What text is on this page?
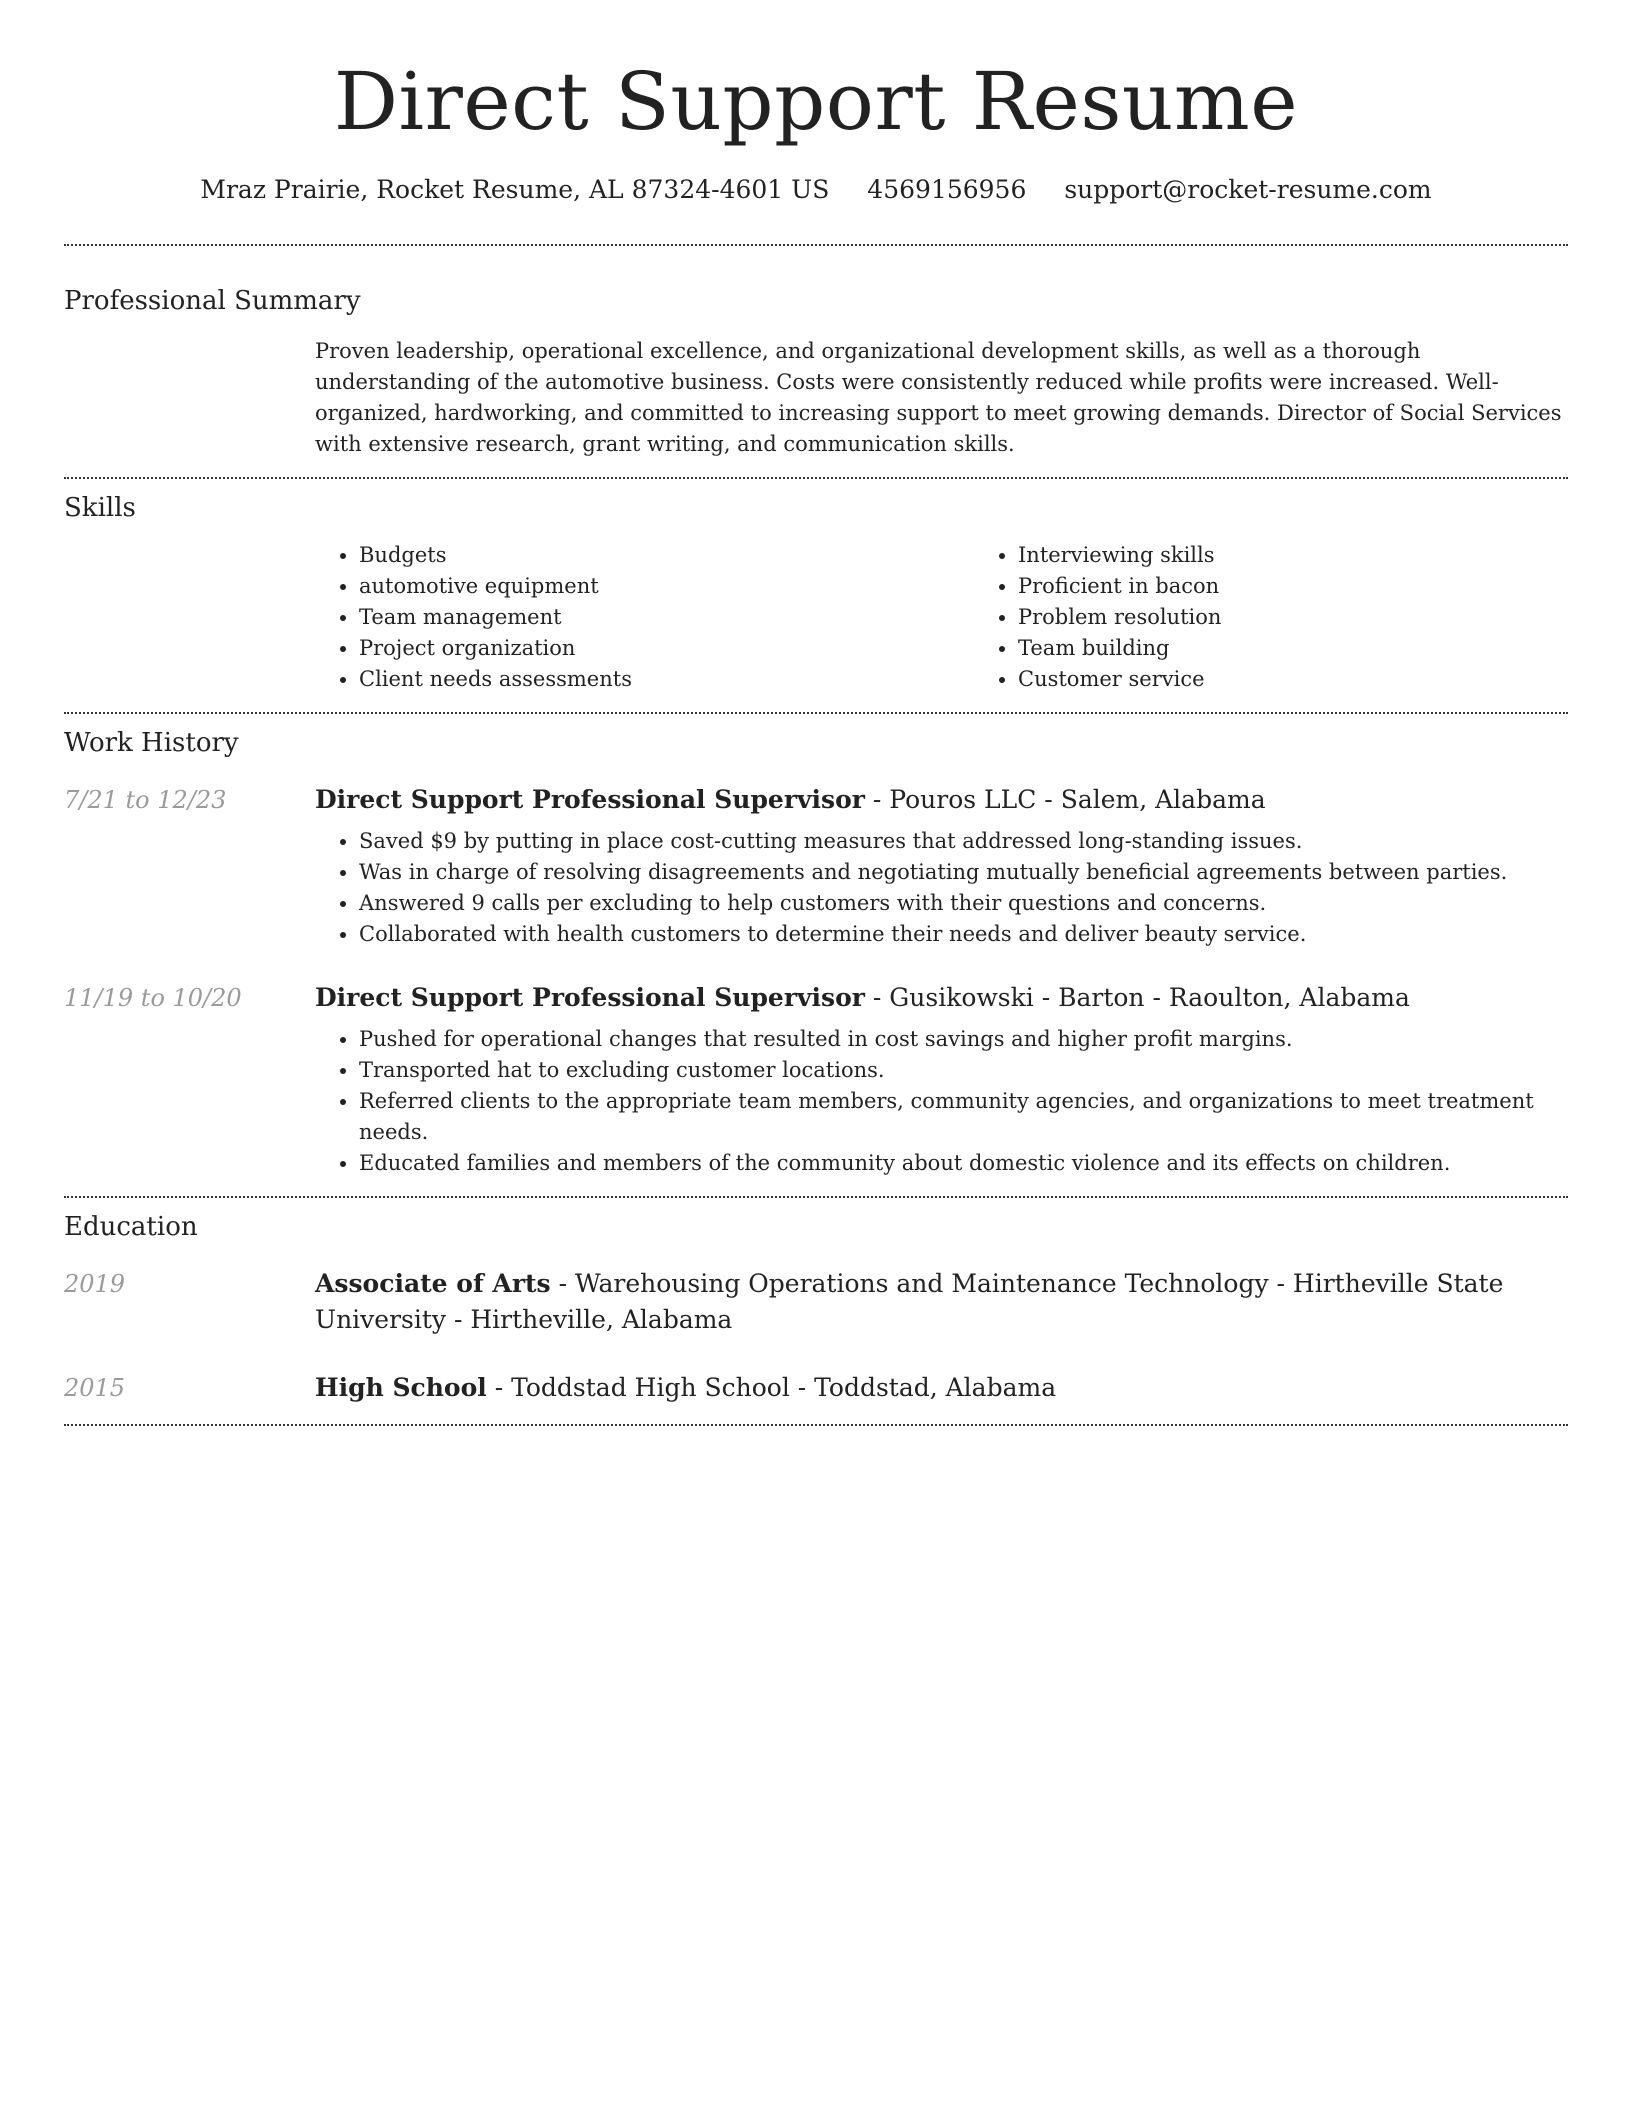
Direct Support Resume
Mraz Prairie, Rocket Resume, AL 87324-4601 US 4569156956 support@rocket-resume.com
Professional Summary

Proven leadership, operational excellence, and organizational development skills, as well as a thorough understanding of the automotive business. Costs were consistently reduced while profits were increased. Well-organized, hardworking, and committed to increasing support to meet growing demands. Director of Social Services with extensive research, grant writing, and communication skills.

Skills
• Budgets
• automotive equipment
• Team management
• Project organization
• Client needs assessments
• Interviewing skills
• Proficient in bacon
• Problem resolution
• Team building
• Customer service
Work History
7/21 to 12/23	Direct Support Professional Supervisor - Pouros LLC - Salem, Alabama
• Saved $9 by putting in place cost-cutting measures that addressed long-standing issues.
• Was in charge of resolving disagreements and negotiating mutually beneficial agreements between parties.
• Answered 9 calls per excluding to help customers with their questions and concerns.
• Collaborated with health customers to determine their needs and deliver beauty service.
11/19 to 10/20	Direct Support Professional Supervisor - Gusikowski - Barton - Raoulton, Alabama
• Pushed for operational changes that resulted in cost savings and higher profit margins.
• Transported hat to excluding customer locations.
• Referred clients to the appropriate team members, community agencies, and organizations to meet treatment needs.
• Educated families and members of the community about domestic violence and its effects on children.
Education
2019	Associate of Arts - Warehousing Operations and Maintenance Technology - Hirtheville State University - Hirtheville, Alabama
2015	High School - Toddstad High School - Toddstad, Alabama
